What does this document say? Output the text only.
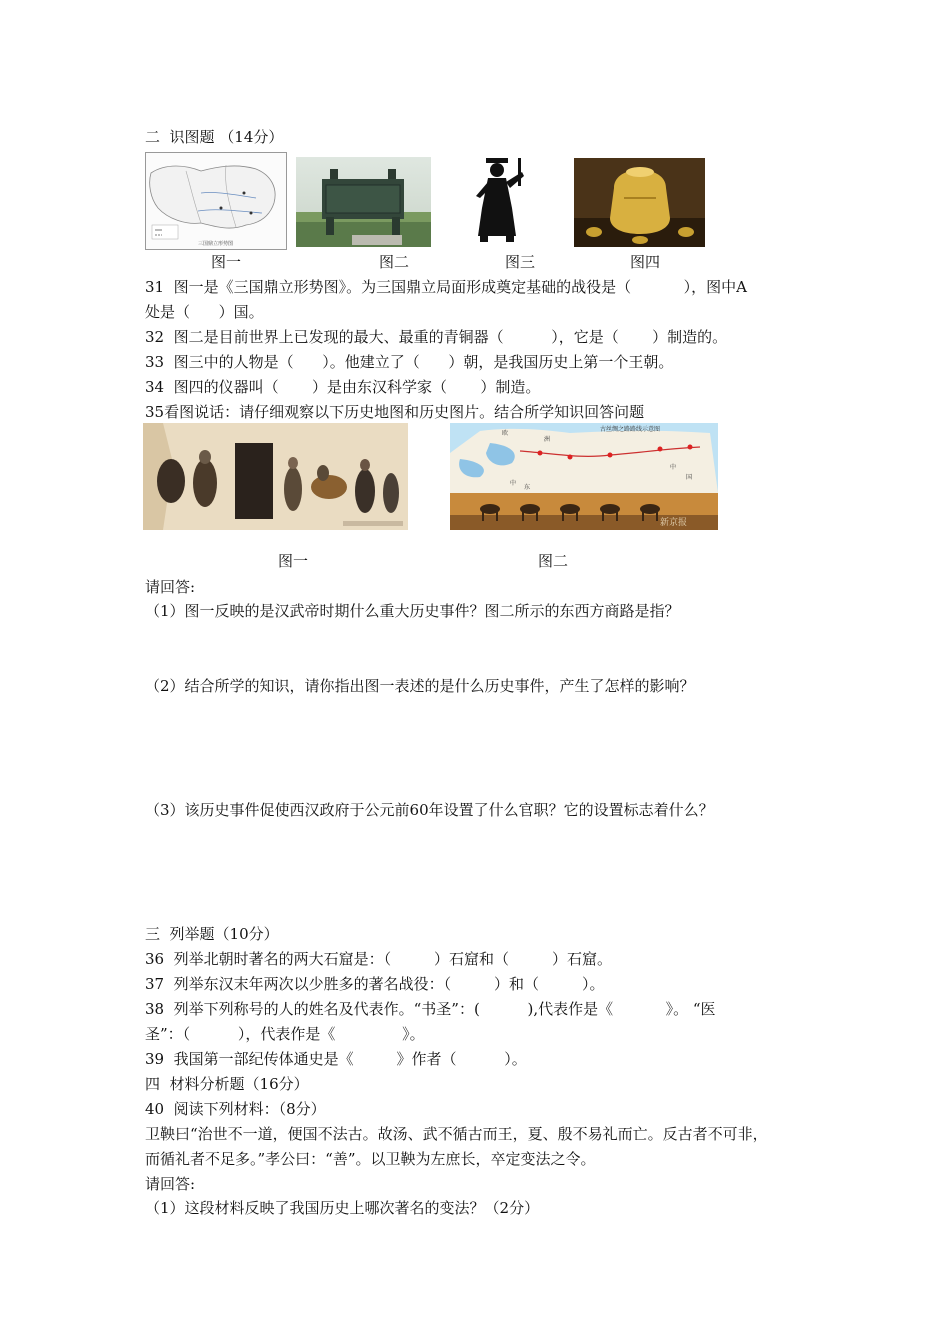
二  识图题 （14分）
三国鼎立形势图
图一	图二	图三	图四
31  图一是《三国鼎立形势图》。为三国鼎立局面形成奠定基础的战役是（           ），图中A
处是（      ）国。
32  图二是目前世界上已发现的最大、最重的青铜器（          ），它是（       ）制造的。
33  图三中的人物是（      ）。他建立了（      ）朝，是我国历史上第一个王朝。
34  图四的仪器叫（       ）是由东汉科学家（       ）制造。
35看图说话：请仔细观察以下历史地图和历史图片。结合所学知识回答问题
古丝绸之路路线示意图
欧
洲
中
东
中
国
新京报
图一	图二
请回答:
（1）图一反映的是汉武帝时期什么重大历史事件？图二所示的东西方商路是指？
（2）结合所学的知识，请你指出图一表述的是什么历史事件，产生了怎样的影响？
（3）该历史事件促使西汉政府于公元前60年设置了什么官职？它的设置标志着什么？
三  列举题（10分）
36  列举北朝时著名的两大石窟是：（         ）石窟和（         ）石窟。
37  列举东汉末年两次以少胜多的著名战役：（         ）和（         ）。
38  列举下列称号的人的姓名及代表作。“书圣”：(          ),代表作是《           》。 “医
圣”：（          ），代表作是《              》。
39  我国第一部纪传体通史是《         》作者（          ）。
四  材料分析题（16分）
40  阅读下列材料：（8分）
卫鞅曰“治世不一道，便国不法古。故汤、武不循古而王，夏、殷不易礼而亡。反古者不可非，
而循礼者不足多。”孝公曰：“善”。以卫鞅为左庶长，卒定变法之令。
请回答:
（1）这段材料反映了我国历史上哪次著名的变法？（2分）
